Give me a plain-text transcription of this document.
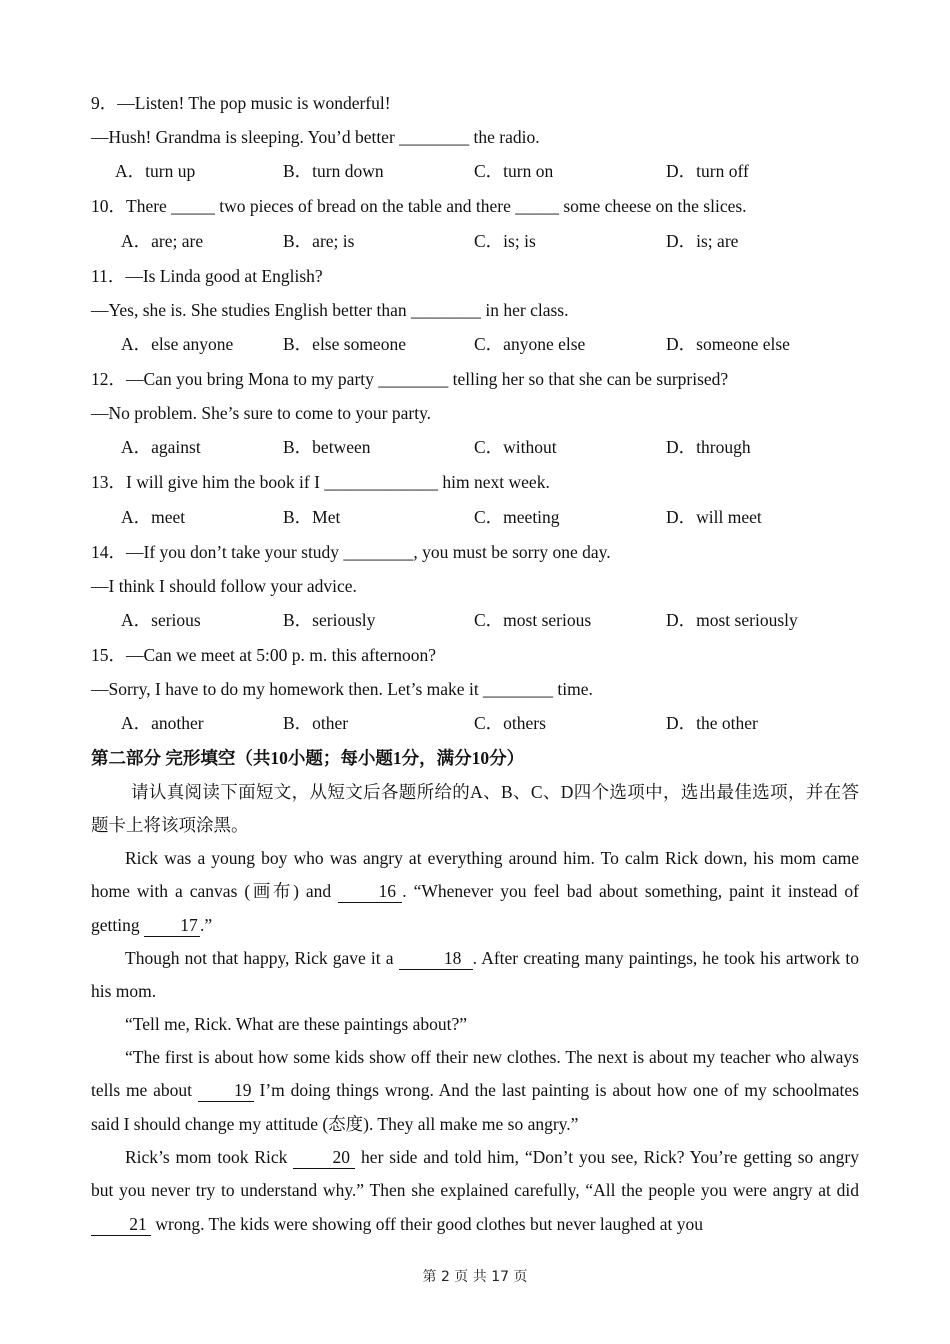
9．—Listen! The pop music is wonderful!
—Hush! Grandma is sleeping. You’d better ________ the radio.
A．turn up	B．turn down	C．turn on	D．turn off
10．There _____ two pieces of bread on the table and there _____ some cheese on the slices.
A．are; are	B．are; is	C．is; is	D．is; are
11．—Is Linda good at English?
—Yes, she is. She studies English better than ________ in her class.
A．else anyone	B．else someone	C．anyone else	D．someone else
12．—Can you bring Mona to my party ________ telling her so that she can be surprised?
—No problem. She’s sure to come to your party.
A．against	B．between	C．without	D．through
13．I will give him the book if I _____________ him next week.
A．meet	B．Met	C．meeting	D．will meet
14．—If you don’t take your study ________, you must be sorry one day.
—I think I should follow your advice.
A．serious	B．seriously	C．most serious	D．most seriously
15．—Can we meet at 5:00 p. m. this afternoon?
—Sorry, I have to do my homework then. Let’s make it ________ time.
A．another	B．other	C．others	D．the other
第二部分 完形填空（共10小题；每小题1分，满分10分）
请认真阅读下面短文，从短文后各题所给的A、B、C、D四个选项中，选出最佳选项，并在答题卡上将该项涂黑。
Rick was a young boy who was angry at everything around him. To calm Rick down, his mom came home with a canvas (画布) and 16 . “Whenever you feel bad about something, paint it instead of getting 17 .”
Though not that happy, Rick gave it a	18 . After creating many paintings, he took his artwork to his mom.
“Tell me, Rick. What are these paintings about?”
“The first is about how some kids show off their new clothes. The next is about my teacher who always tells me about 19 I’m doing things wrong. And the last painting is about how one of my schoolmates said I should change my attitude (态度). They all make me so angry.”
Rick’s mom took Rick 20 her side and told him, “Don’t you see, Rick? You’re getting so angry but you never try to understand why.” Then she explained carefully, “All the people you were angry at did 21 wrong. The kids were showing off their good clothes but never laughed at you
第 2 页 共 17 页
